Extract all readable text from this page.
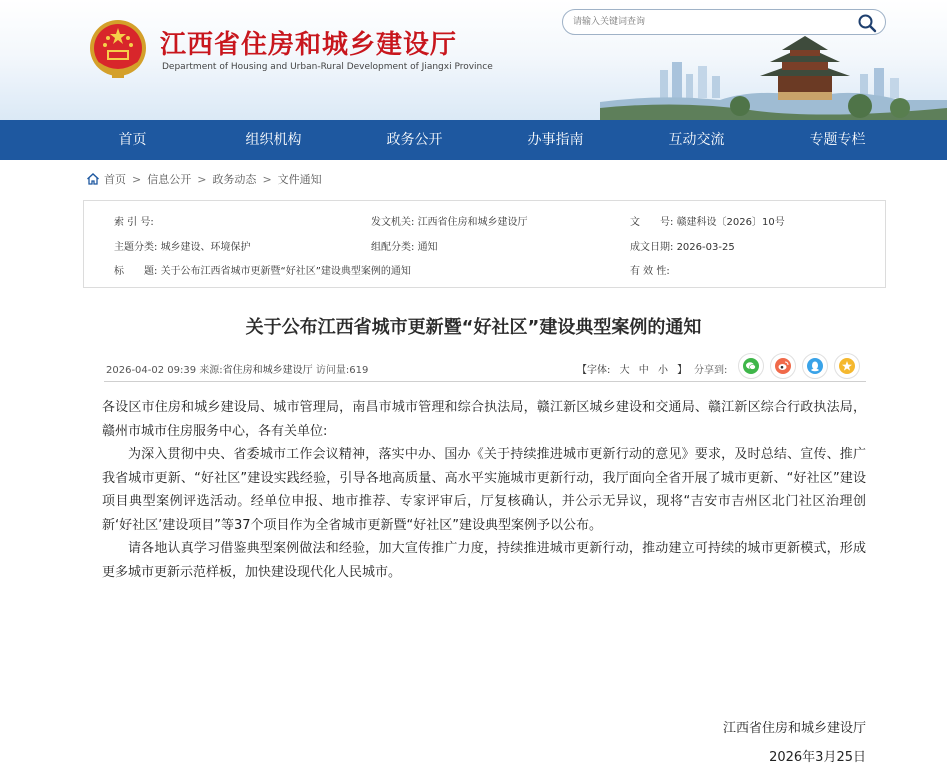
江西省住房和城乡建设厅
Department of Housing and Urban-Rural Development of Jiangxi Province
请输入关键词查询
首页	组织机构	政务公开	办事指南	互动交流	专题专栏
首页 > 信息公开 > 政务动态 > 文件通知
索 引 号:	发文机关: 江西省住房和城乡建设厅	文　　号: 赣建科设〔2026〕10号
主题分类: 城乡建设、环境保护	组配分类: 通知	成文日期: 2026-03-25
标　　题: 关于公布江西省城市更新暨“好社区”建设典型案例的通知	有 效 性:
关于公布江西省城市更新暨“好社区”建设典型案例的通知
2026-04-02 09:39 来源:省住房和城乡建设厅 访问量:619	【字体: 大 中 小 】 分享到:

各设区市住房和城乡建设局、城市管理局，南昌市城市管理和综合执法局，赣江新区城乡建设和交通局、赣江新区综合行政执法局，赣州市城市住房服务中心，各有关单位:

为深入贯彻中央、省委城市工作会议精神，落实中办、国办《关于持续推进城市更新行动的意见》要求，及时总结、宣传、推广我省城市更新、“好社区”建设实践经验，引导各地高质量、高水平实施城市更新行动，我厅面向全省开展了城市更新、“好社区”建设项目典型案例评选活动。经单位申报、地市推荐、专家评审后，厅复核确认，并公示无异议，现将“吉安市吉州区北门社区治理创新‘好社区’建设项目”等37个项目作为全省城市更新暨“好社区”建设典型案例予以公布。

请各地认真学习借鉴典型案例做法和经验，加大宣传推广力度，持续推进城市更新行动，推动建立可持续的城市更新模式，形成更多城市更新示范样板，加快建设现代化人民城市。

江西省住房和城乡建设厅
2026年3月25日
